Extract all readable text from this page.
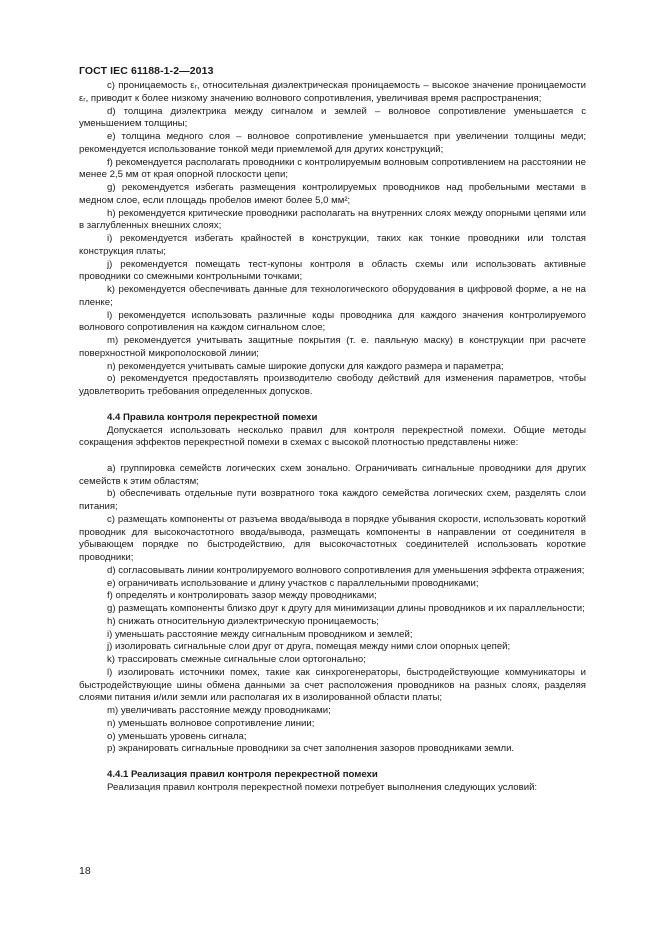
ГОСТ IEC 61188-1-2—2013

c) проницаемость εᵣ, относительная диэлектрическая проницаемость – высокое значение проницаемости εᵣ, приводит к более низкому значению волнового сопротивления, увеличивая время распространения;

d) толщина диэлектрика между сигналом и землей – волновое сопротивление уменьшается с уменьшением толщины;

e) толщина медного слоя – волновое сопротивление уменьшается при увеличении толщины меди; рекомендуется использование тонкой меди приемлемой для других конструкций;

f) рекомендуется располагать проводники с контролируемым волновым сопротивлением на расстоянии не менее 2,5 мм от края опорной плоскости цепи;

g) рекомендуется избегать размещения контролируемых проводников над пробельными местами в медном слое, если площадь пробелов имеют более 5,0 мм²;

h) рекомендуется критические проводники располагать на внутренних слоях между опорными цепями или в заглубленных внешних слоях;

i) рекомендуется избегать крайностей в конструкции, таких как тонкие проводники или толстая конструкция платы;

j) рекомендуется помещать тест-купоны контроля в область схемы или использовать активные проводники со смежными контрольными точками;

k) рекомендуется обеспечивать данные для технологического оборудования в цифровой форме, а не на пленке;

l) рекомендуется использовать различные коды проводника для каждого значения контролируемого волнового сопротивления на каждом сигнальном слое;

m) рекомендуется учитывать защитные покрытия (т. е. паяльную маску) в конструкции при расчете поверхностной микрополосковой линии;

n) рекомендуется учитывать самые широкие допуски для каждого размера и параметра;

o) рекомендуется предоставлять производителю свободу действий для изменения параметров, чтобы удовлетворить требования определенных допусков.

4.4 Правила контроля перекрестной помехи

Допускается использовать несколько правил для контроля перекрестной помехи. Общие методы сокращения эффектов перекрестной помехи в схемах с высокой плотностью представлены ниже:

a) группировка семейств логических схем зонально. Ограничивать сигнальные проводники для других семейств к этим областям;

b) обеспечивать отдельные пути возвратного тока каждого семейства логических схем, разделять слои питания;

c) размещать компоненты от разъема ввода/вывода в порядке убывания скорости, использовать короткий проводник для высокочастотного ввода/вывода, размещать компоненты в направлении от соединителя в убывающем порядке по быстродействию, для высокочастотных соединителей использовать короткие проводники;

d) согласовывать линии контролируемого волнового сопротивления для уменьшения эффекта отражения;

e) ограничивать использование и длину участков с параллельными проводниками;

f) определять и контролировать зазор между проводниками;

g) размещать компоненты близко друг к другу для минимизации длины проводников и их параллельности;

h) снижать относительную диэлектрическую проницаемость;

i) уменьшать расстояние между сигнальным проводником и землей;

j) изолировать сигнальные слои друг от друга, помещая между ними слои опорных цепей;

k) трассировать смежные сигнальные слои ортогонально;

l) изолировать источники помех, такие как синхрогенераторы, быстродействующие коммуникаторы и быстродействующие шины обмена данными за счет расположения проводников на разных слоях, разделяя слоями питания и/или земли или располагая их в изолированной области платы;

m) увеличивать расстояние между проводниками;

n) уменьшать волновое сопротивление линии;

o) уменьшать уровень сигнала;

p) экранировать сигнальные проводники за счет заполнения зазоров проводниками земли.

4.4.1 Реализация правил контроля перекрестной помехи

Реализация правил контроля перекрестной помехи потребует выполнения следующих условий:

18
